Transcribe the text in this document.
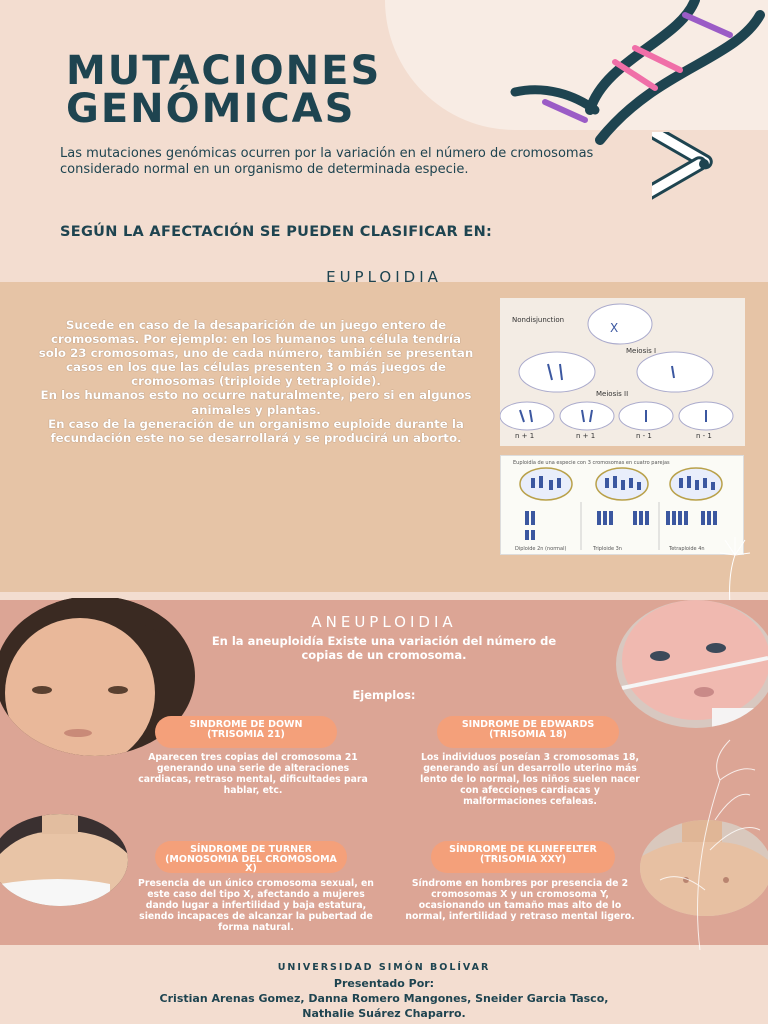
MUTACIONES
GENÓMICAS
Las mutaciones genómicas ocurren por la variación en el número de cromosomas considerado normal en un organismo de determinada especie.
SEGÚN LA AFECTACIÓN SE PUEDEN CLASIFICAR EN:
EUPLOIDIA
Sucede en caso de la desaparición de un juego entero de cromosomas. Por ejemplo: en los humanos una célula tendría solo 23 cromosomas, uno de cada número, también se presentan casos en los que las células presenten 3 o más juegos de cromosomas (triploide y tetraploide).
En los humanos esto no ocurre naturalmente, pero si en algunos animales y plantas.
En caso de la generación de un organismo euploide durante la fecundación este no se desarrollará y se producirá un aborto.
Nondisjunction
X
Meiosis I
Meiosis II
n + 1	n + 1	n - 1	n - 1
Euploidía de una especie con 3 cromosomas en cuatro parejas
Diploide 2n (normal)	Triploide 3n	Tetraploide 4n
ANEUPLOIDIA
En la aneuploidía Existe una variación del número de copias de un cromosoma.
Ejemplos:
SINDROME DE DOWN (TRISOMIA 21)
Aparecen tres copias del cromosoma 21 generando una serie de alteraciones cardiacas, retraso mental, dificultades para hablar, etc.
SINDROME DE EDWARDS (TRISOMIA 18)
Los individuos poseían 3 cromosomas 18, generando así un desarrollo uterino más lento de lo normal, los niños suelen nacer con afecciones cardiacas y malformaciones cefaleas.
SÍNDROME DE TURNER (MONOSOMIA DEL CROMOSOMA X)
Presencia de un único cromosoma sexual, en este caso del tipo X, afectando a mujeres dando lugar a infertilidad y baja estatura, siendo incapaces de alcanzar la pubertad de forma natural.
SÍNDROME DE KLINEFELTER (TRISOMIA XXY)
Síndrome en hombres por presencia de 2 cromosomas X y un cromosoma Y, ocasionando un tamaño mas alto de lo normal, infertilidad y retraso mental ligero.
UNIVERSIDAD SIMÓN BOLÍVAR
Presentado Por:
Cristian Arenas Gomez, Danna Romero Mangones, Sneider Garcia Tasco,
Nathalie Suárez Chaparro.
